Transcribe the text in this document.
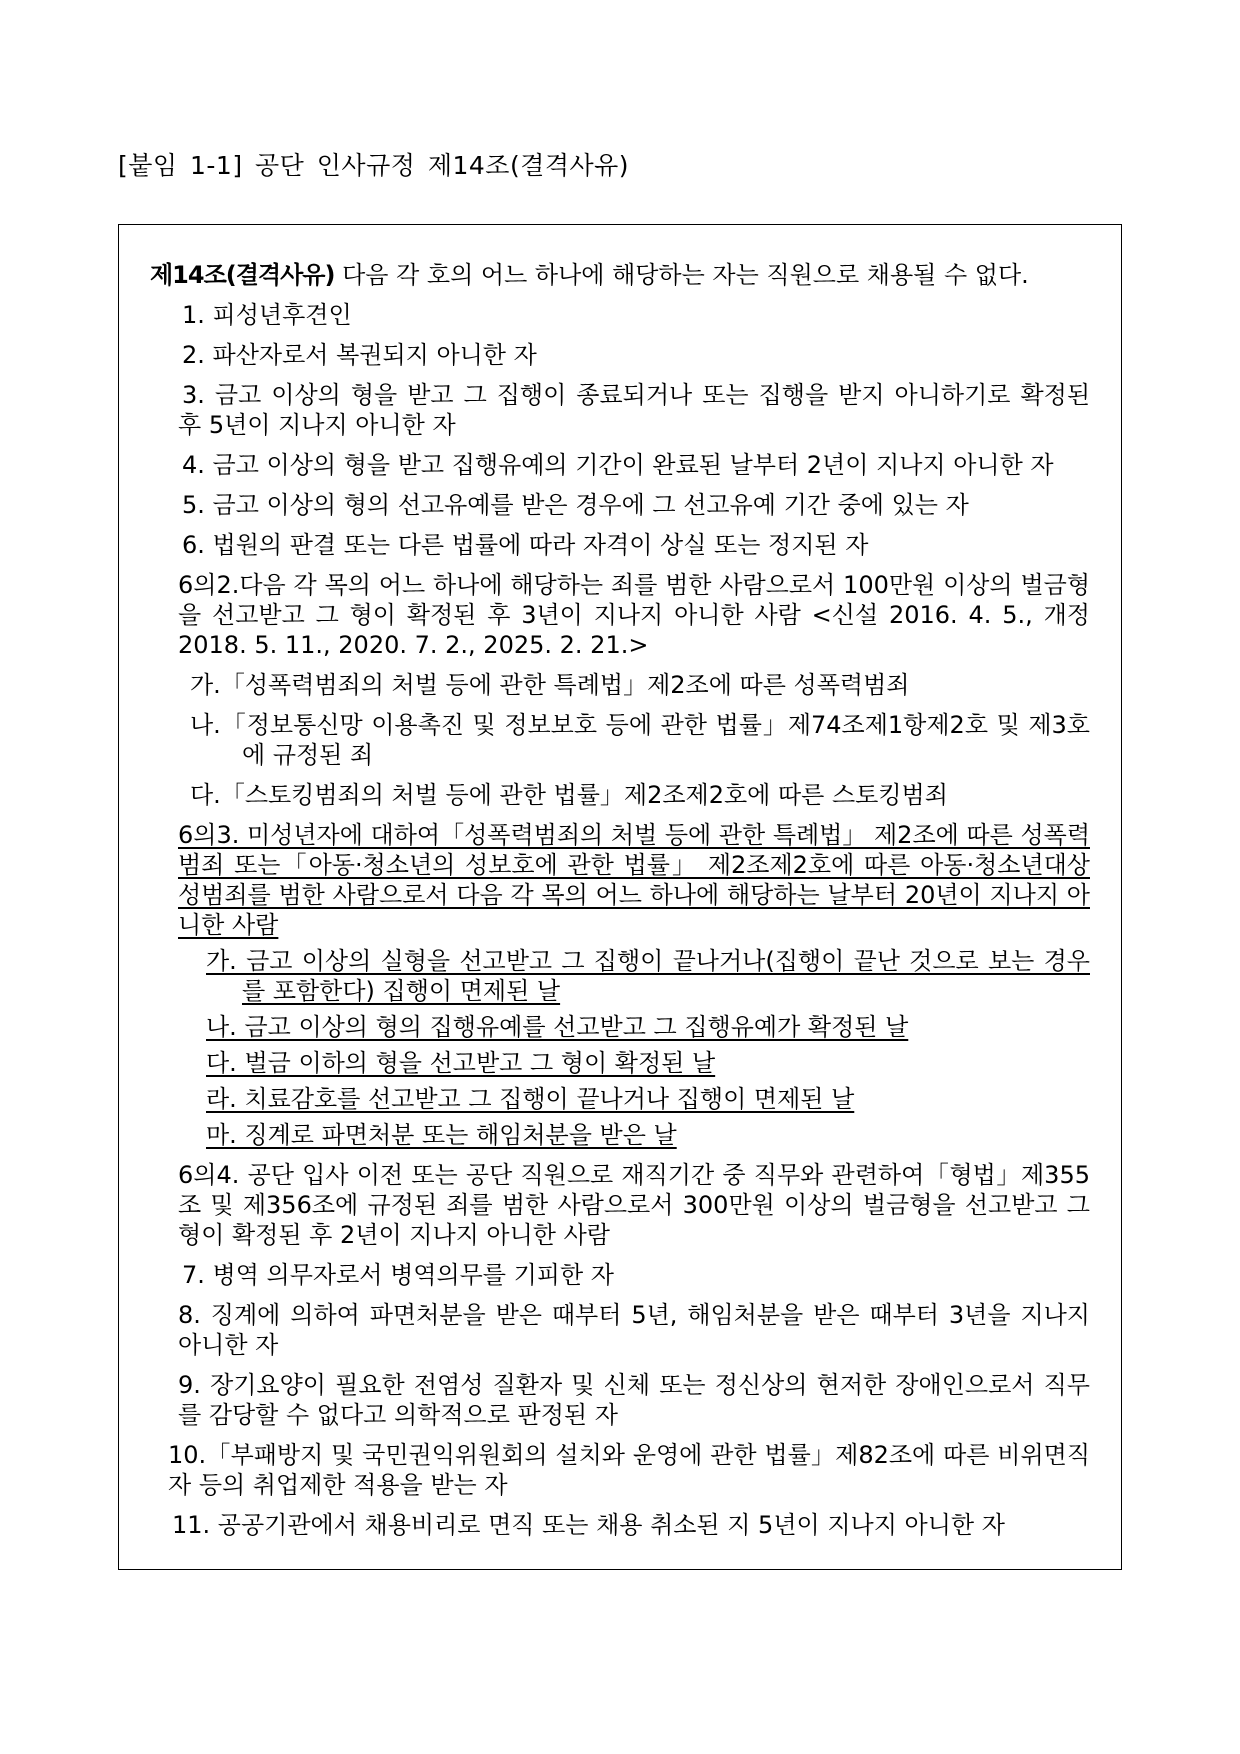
[붙임 1-1] 공단 인사규정 제14조(결격사유)

제14조(결격사유) 다음 각 호의 어느 하나에 해당하는 자는 직원으로 채용될 수 없다.

1. 피성년후견인

2. 파산자로서 복권되지 아니한 자

3. 금고 이상의 형을 받고 그 집행이 종료되거나 또는 집행을 받지 아니하기로 확정된 후 5년이 지나지 아니한 자

4. 금고 이상의 형을 받고 집행유예의 기간이 완료된 날부터 2년이 지나지 아니한 자

5. 금고 이상의 형의 선고유예를 받은 경우에 그 선고유예 기간 중에 있는 자

6. 법원의 판결 또는 다른 법률에 따라 자격이 상실 또는 정지된 자

6의2.다음 각 목의 어느 하나에 해당하는 죄를 범한 사람으로서 100만원 이상의 벌금형을 선고받고 그 형이 확정된 후 3년이 지나지 아니한 사람 <신설 2016. 4. 5., 개정 2018. 5. 11., 2020. 7. 2., 2025. 2. 21.>

가.「성폭력범죄의 처벌 등에 관한 특례법」제2조에 따른 성폭력범죄

나.「정보통신망 이용촉진 및 정보보호 등에 관한 법률」제74조제1항제2호 및 제3호에 규정된 죄

다.「스토킹범죄의 처벌 등에 관한 법률」제2조제2호에 따른 스토킹범죄

6의3. 미성년자에 대하여「성폭력범죄의 처벌 등에 관한 특례법」 제2조에 따른 성폭력범죄 또는「아동·청소년의 성보호에 관한 법률」 제2조제2호에 따른 아동·청소년대상 성범죄를 범한 사람으로서 다음 각 목의 어느 하나에 해당하는 날부터 20년이 지나지 아니한 사람

가. 금고 이상의 실형을 선고받고 그 집행이 끝나거나(집행이 끝난 것으로 보는 경우를 포함한다) 집행이 면제된 날

나. 금고 이상의 형의 집행유예를 선고받고 그 집행유예가 확정된 날

다. 벌금 이하의 형을 선고받고 그 형이 확정된 날

라. 치료감호를 선고받고 그 집행이 끝나거나 집행이 면제된 날

마. 징계로 파면처분 또는 해임처분을 받은 날

6의4. 공단 입사 이전 또는 공단 직원으로 재직기간 중 직무와 관련하여「형법」제355조 및 제356조에 규정된 죄를 범한 사람으로서 300만원 이상의 벌금형을 선고받고 그 형이 확정된 후 2년이 지나지 아니한 사람

7. 병역 의무자로서 병역의무를 기피한 자

8. 징계에 의하여 파면처분을 받은 때부터 5년, 해임처분을 받은 때부터 3년을 지나지 아니한 자

9. 장기요양이 필요한 전염성 질환자 및 신체 또는 정신상의 현저한 장애인으로서 직무를 감당할 수 없다고 의학적으로 판정된 자

10.「부패방지 및 국민권익위원회의 설치와 운영에 관한 법률」제82조에 따른 비위면직자 등의 취업제한 적용을 받는 자

11. 공공기관에서 채용비리로 면직 또는 채용 취소된 지 5년이 지나지 아니한 자
